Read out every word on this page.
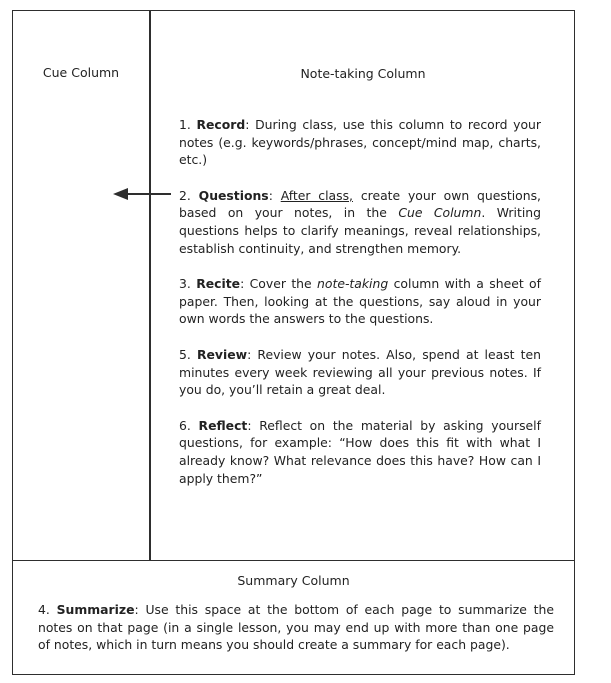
Cue Column	Note-taking Column

1. Record: During class, use this column to record your notes (e.g. keywords/phrases, concept/mind map, charts, etc.)

2. Questions: After class, create your own questions, based on your notes, in the Cue Column. Writing questions helps to clarify meanings, reveal relationships, establish continuity, and strengthen memory.

3. Recite: Cover the note-taking column with a sheet of paper. Then, looking at the questions, say aloud in your own words the answers to the questions.

5. Review: Review your notes. Also, spend at least ten minutes every week reviewing all your previous notes. If you do, you’ll retain a great deal.

6. Reflect: Reflect on the material by asking yourself questions, for example: “How does this fit with what I already know? What relevance does this have? How can I apply them?”

Summary Column
4. Summarize: Use this space at the bottom of each page to summarize the notes on that page (in a single lesson, you may end up with more than one page of notes, which in turn means you should create a summary for each page).
